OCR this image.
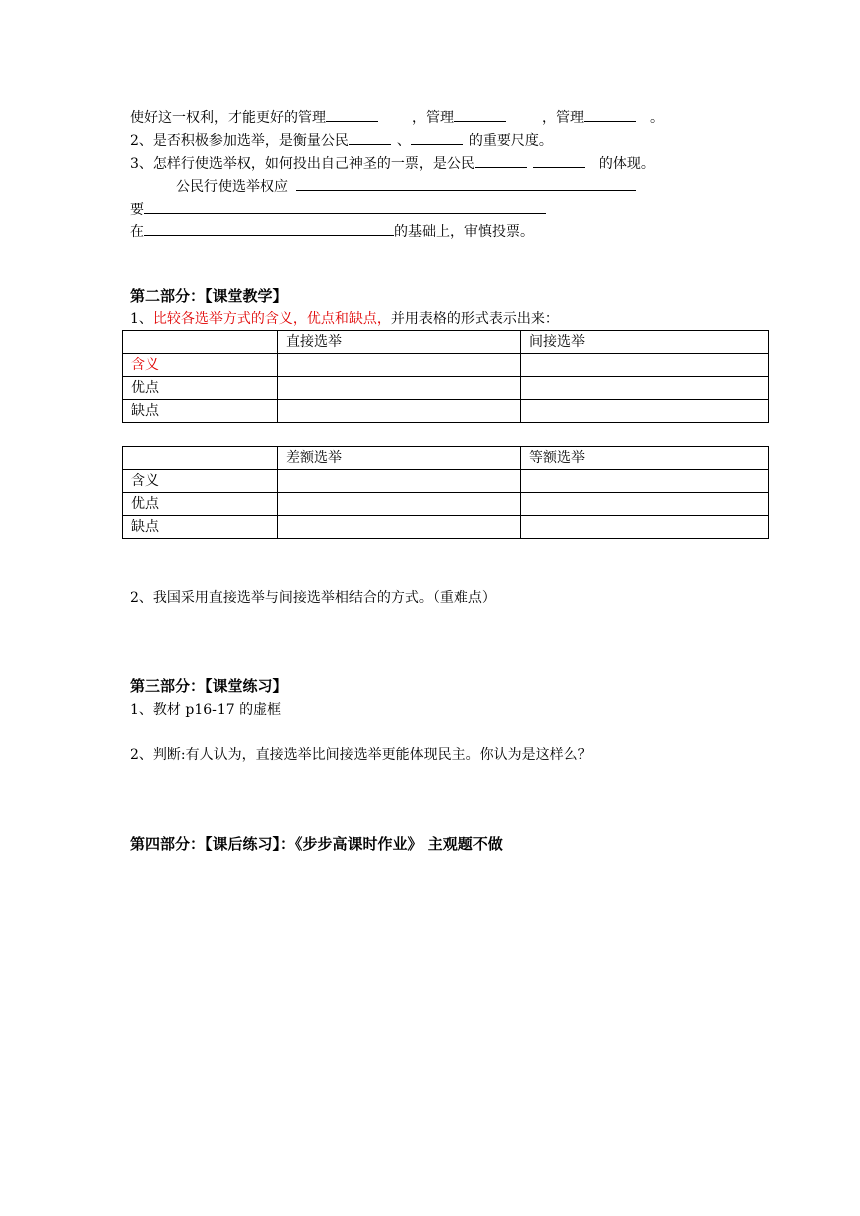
使好这一权利，才能更好的管理	，管理	，管理	。
2、是否积极参加选举，是衡量公民	、	的重要尺度。
3、怎样行使选举权，如何投出自己神圣的一票，是公民	的体现。
公民行使选举权应
要
在	的基础上，审慎投票。
第二部分：【课堂教学】
1、比较各选举方式的含义，优点和缺点，并用表格的形式表示出来：
	直接选举	间接选举
含义		
优点		
缺点		
	差额选举	等额选举
含义		
优点		
缺点		
2、我国采用直接选举与间接选举相结合的方式。（重难点）
第三部分：【课堂练习】
1、教材 p16-17 的虚框
2、判断:有人认为，直接选举比间接选举更能体现民主。你认为是这样么？
第四部分：【课后练习】：《步步高课时作业》 主观题不做
